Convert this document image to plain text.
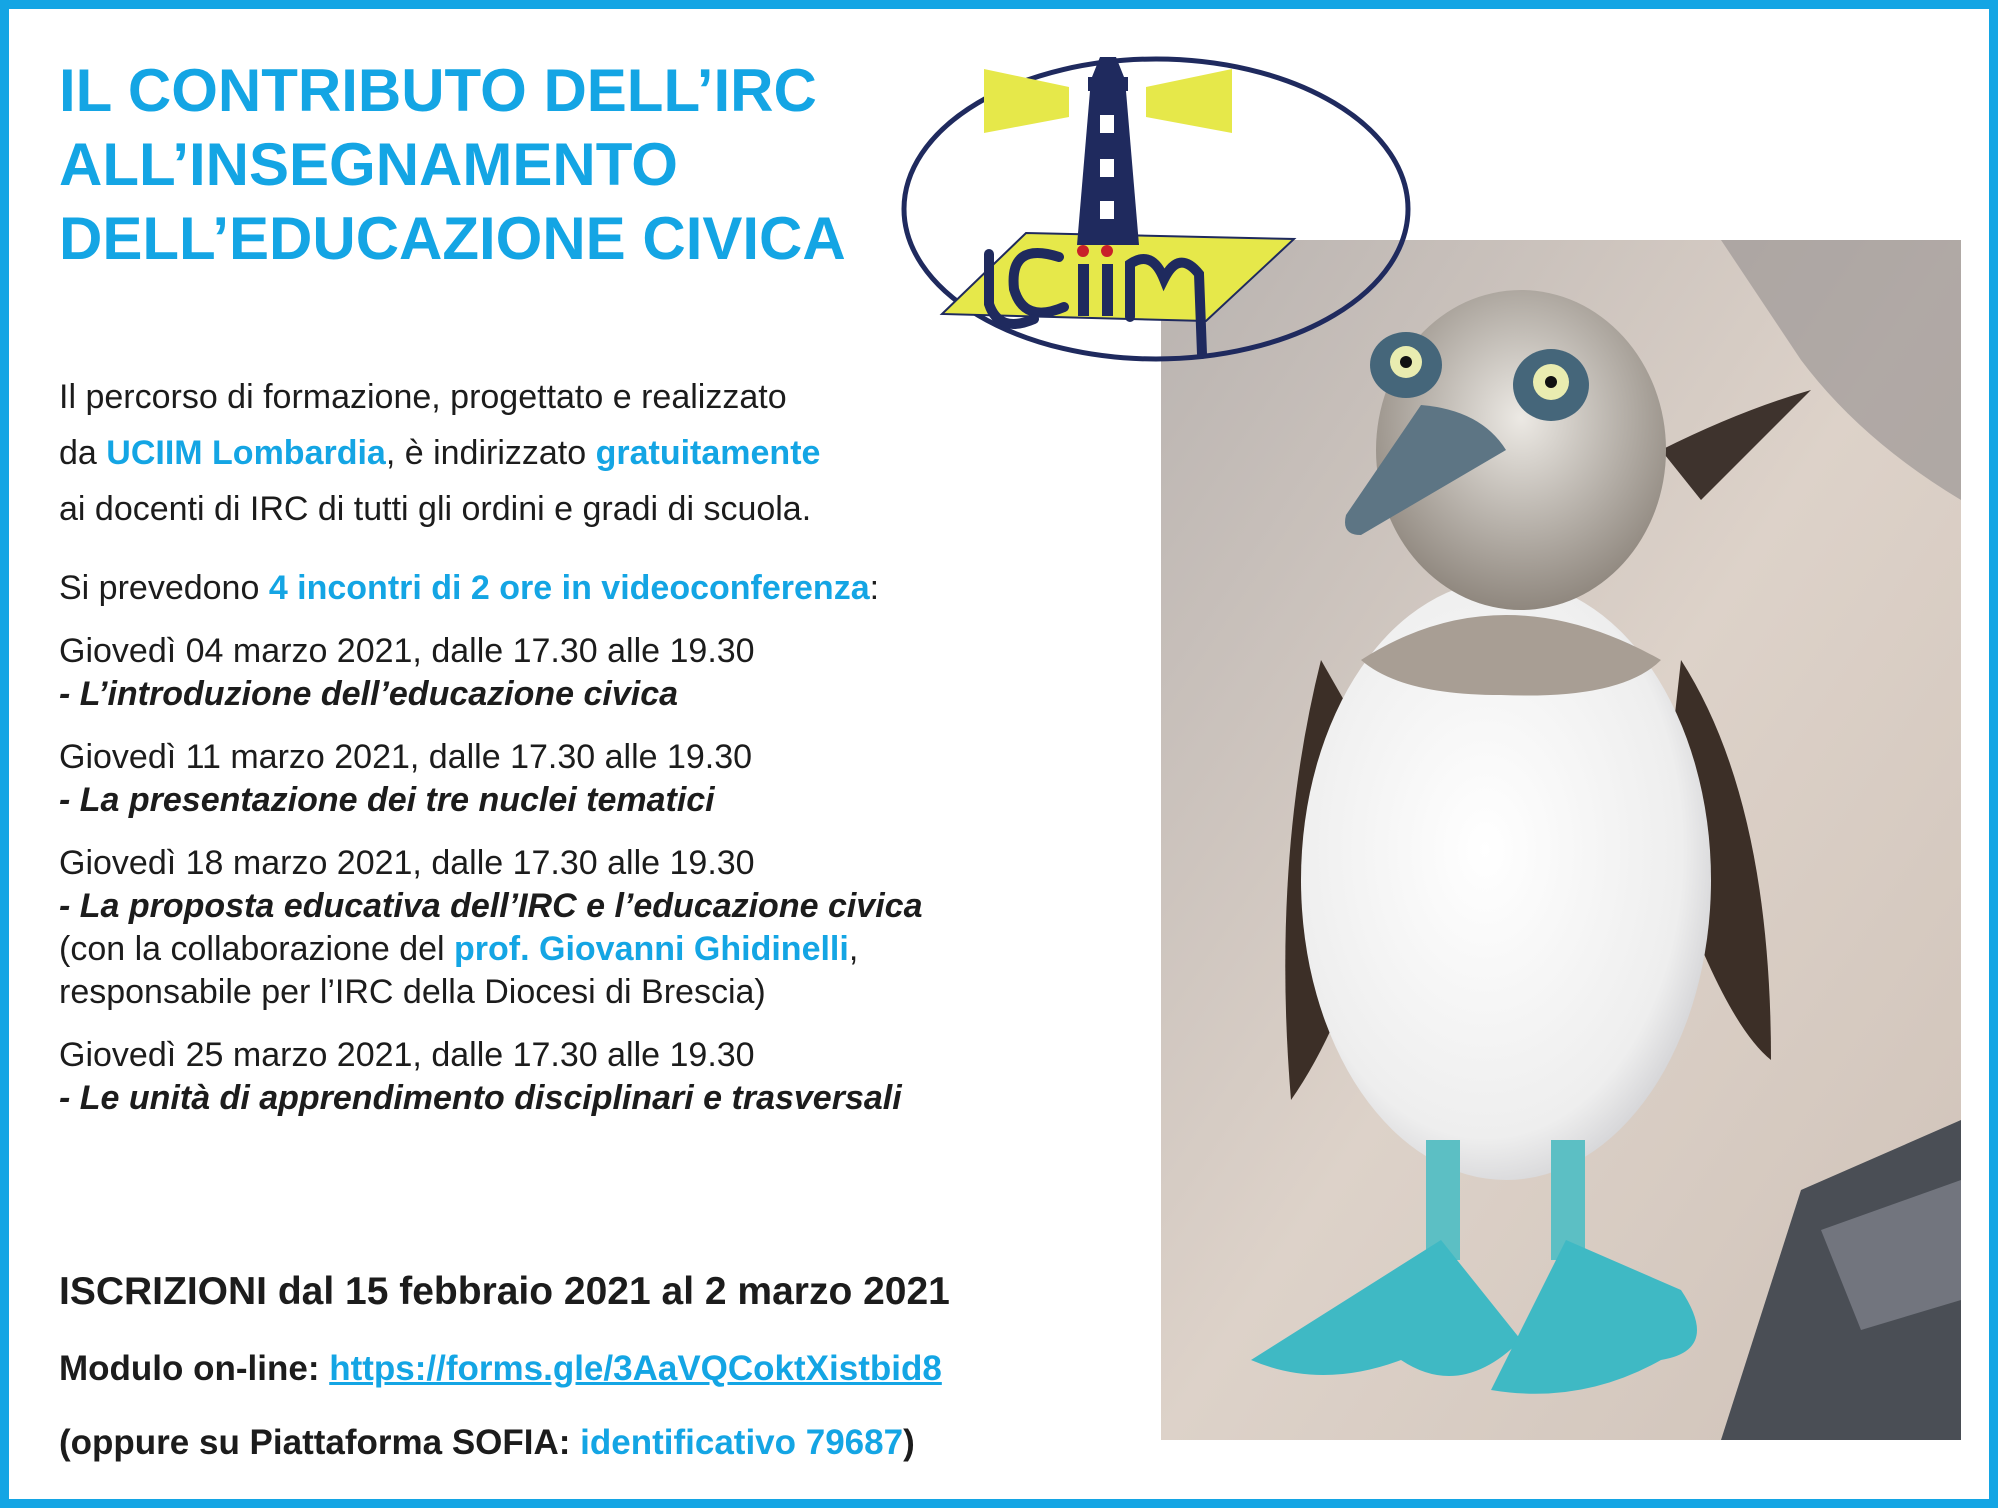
IL CONTRIBUTO DELL’IRC
ALL’INSEGNAMENTO
DELL’EDUCAZIONE CIVICA
Il percorso di formazione, progettato e realizzato
da UCIIM Lombardia, è indirizzato gratuitamente
ai docenti di IRC di tutti gli ordini e gradi di scuola.
Si prevedono 4 incontri di 2 ore in videoconferenza:
Giovedì 04 marzo 2021, dalle 17.30 alle 19.30
- L’introduzione dell’educazione civica
Giovedì 11 marzo 2021, dalle 17.30 alle 19.30
- La presentazione dei tre nuclei tematici
Giovedì 18 marzo 2021, dalle 17.30 alle 19.30
- La proposta educativa dell’IRC e l’educazione civica
(con la collaborazione del prof. Giovanni Ghidinelli,
responsabile per l’IRC della Diocesi di Brescia)
Giovedì 25 marzo 2021, dalle 17.30 alle 19.30
- Le unità di apprendimento disciplinari e trasversali
ISCRIZIONI dal 15 febbraio 2021 al 2 marzo 2021
Modulo on-line: https://forms.gle/3AaVQCoktXistbid8
(oppure su Piattaforma SOFIA: identificativo 79687)
